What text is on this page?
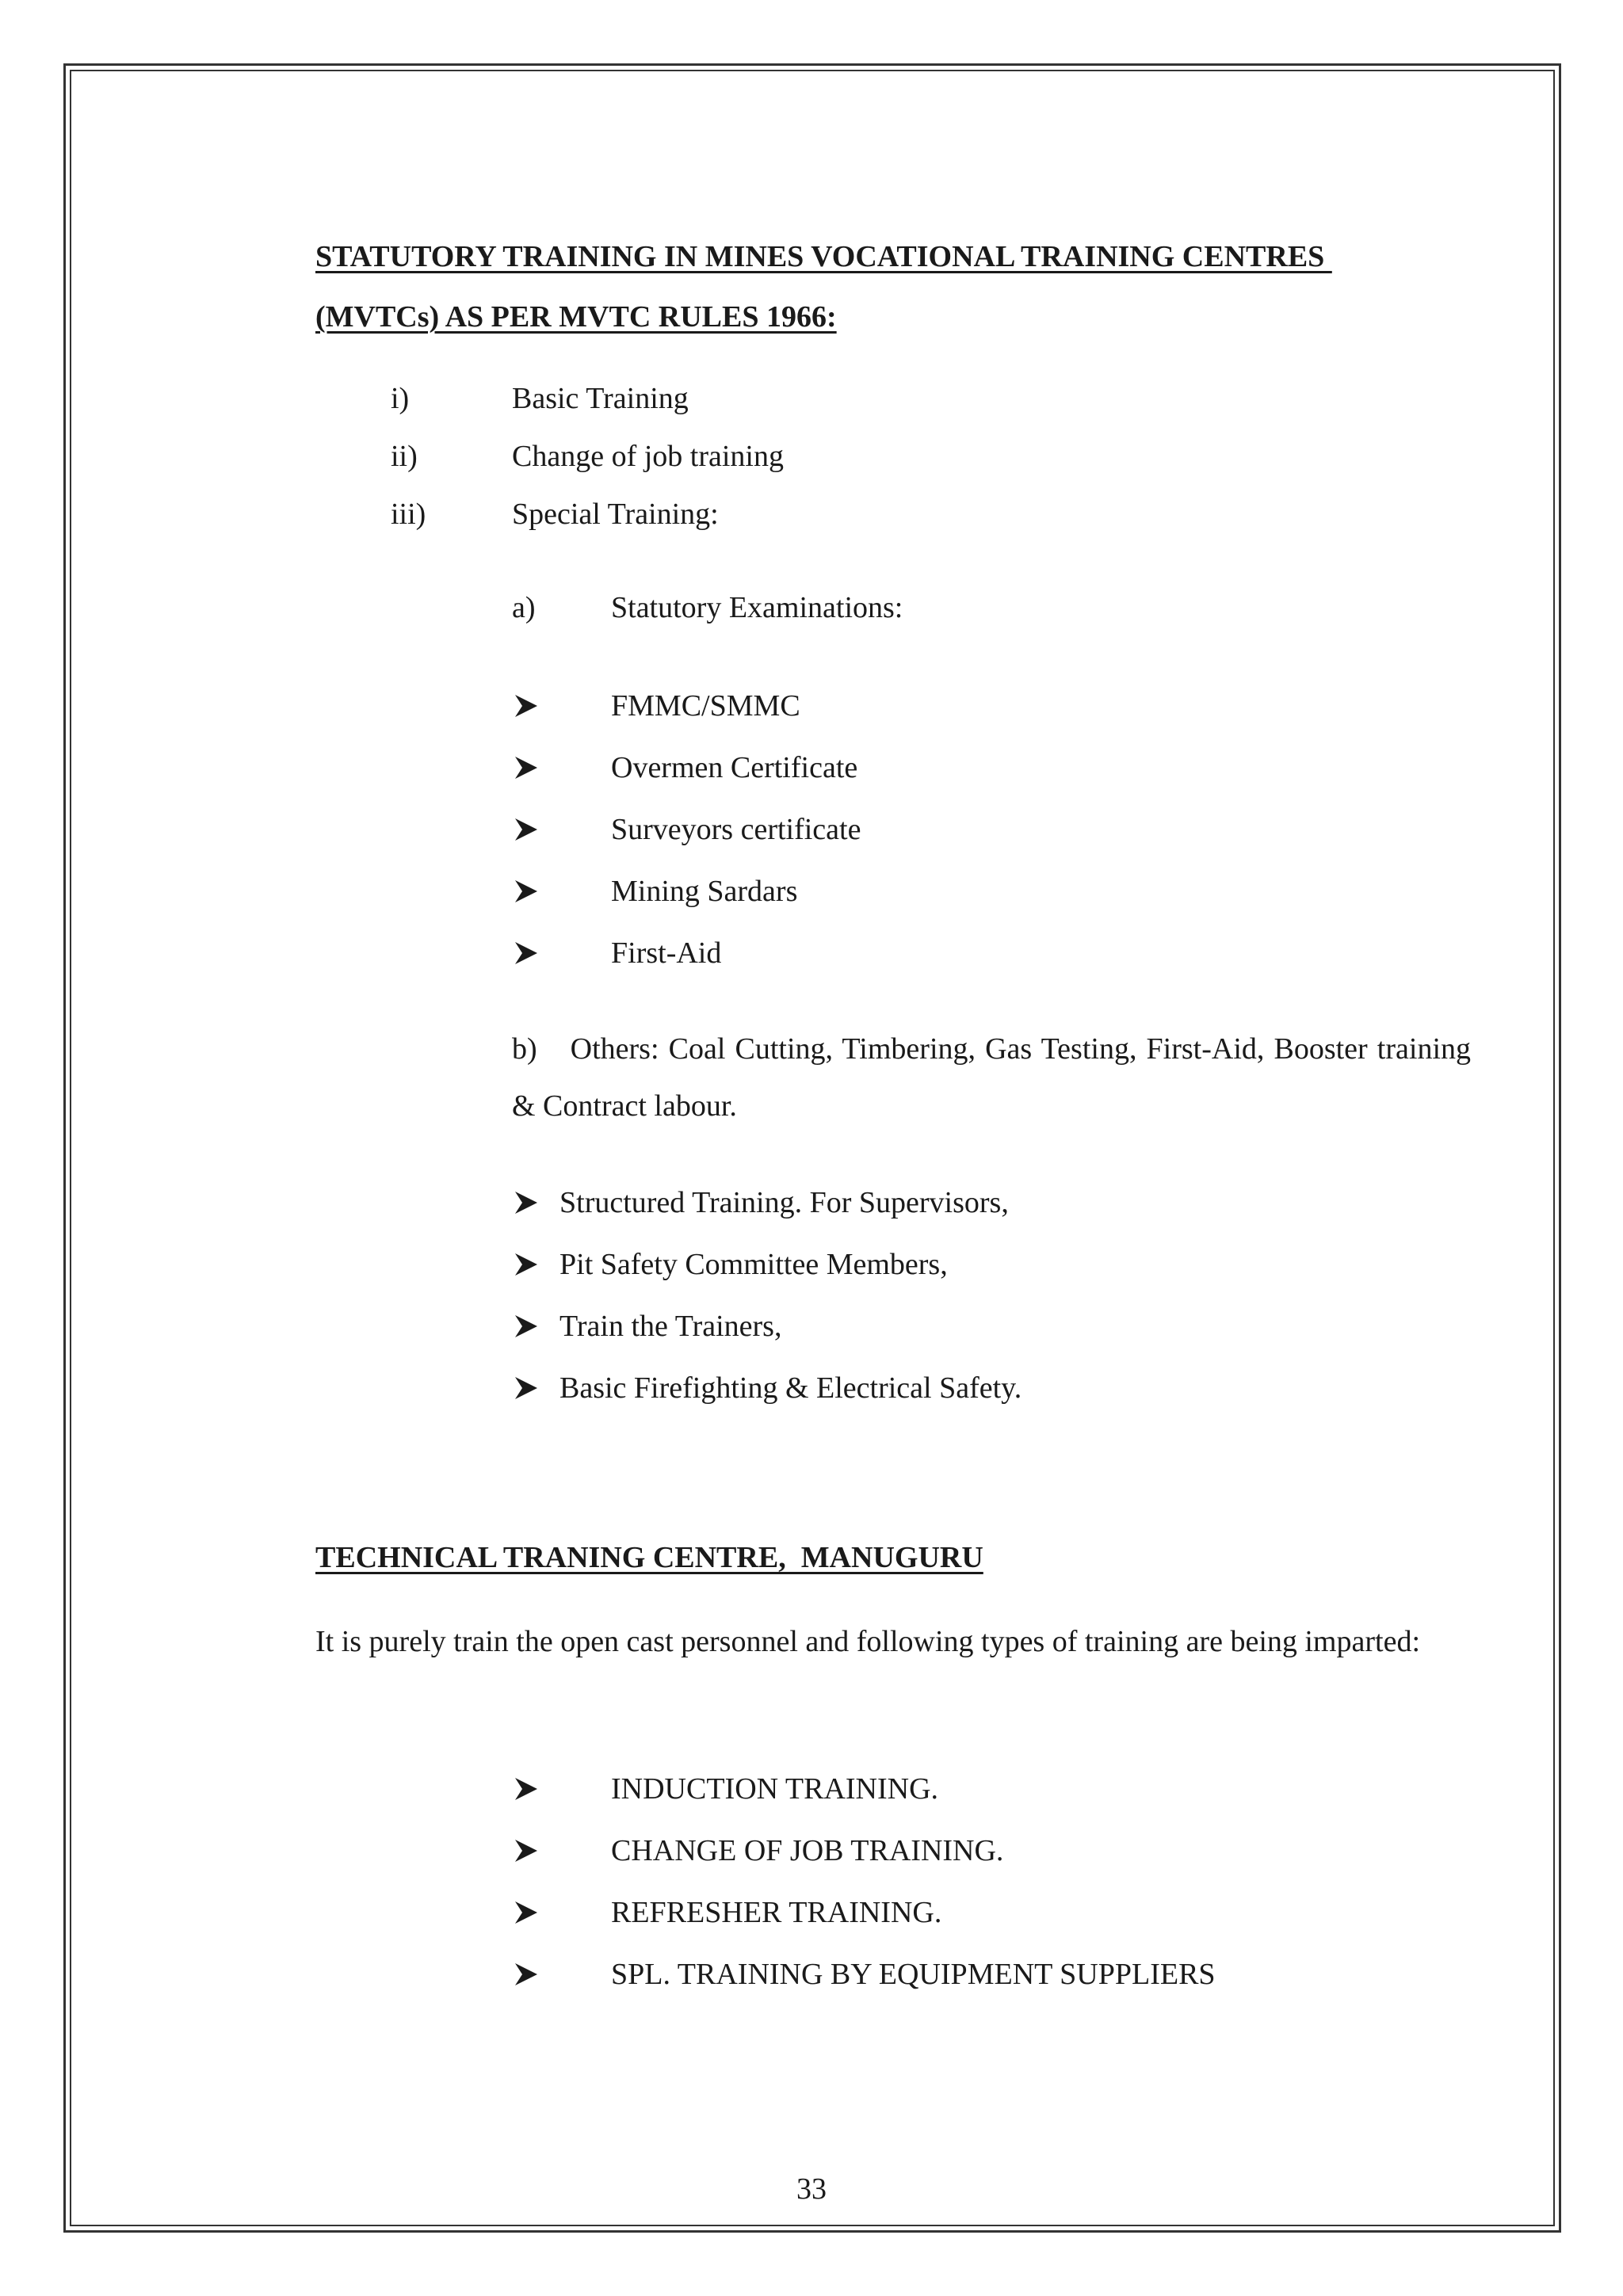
STATUTORY TRAINING IN MINES VOCATIONAL TRAINING CENTRES

(MVTCs) AS PER MVTC RULES 1966:

i)	Basic Training
ii)	Change of job training
iii)	Special Training:
a)	Statutory Examinations:
FMMC/SMMC
Overmen Certificate
Surveyors certificate
Mining Sardars
First-Aid

b) Others: Coal Cutting, Timbering, Gas Testing, First-Aid, Booster training & Contract labour.

Structured Training. For Supervisors,
Pit Safety Committee Members,
Train the Trainers,
Basic Firefighting & Electrical Safety.

TECHNICAL TRANING CENTRE,  MANUGURU

It is purely train the open cast personnel and following types of training are being imparted:

INDUCTION TRAINING.
CHANGE OF JOB TRAINING.
REFRESHER TRAINING.
SPL. TRAINING BY EQUIPMENT SUPPLIERS
33
